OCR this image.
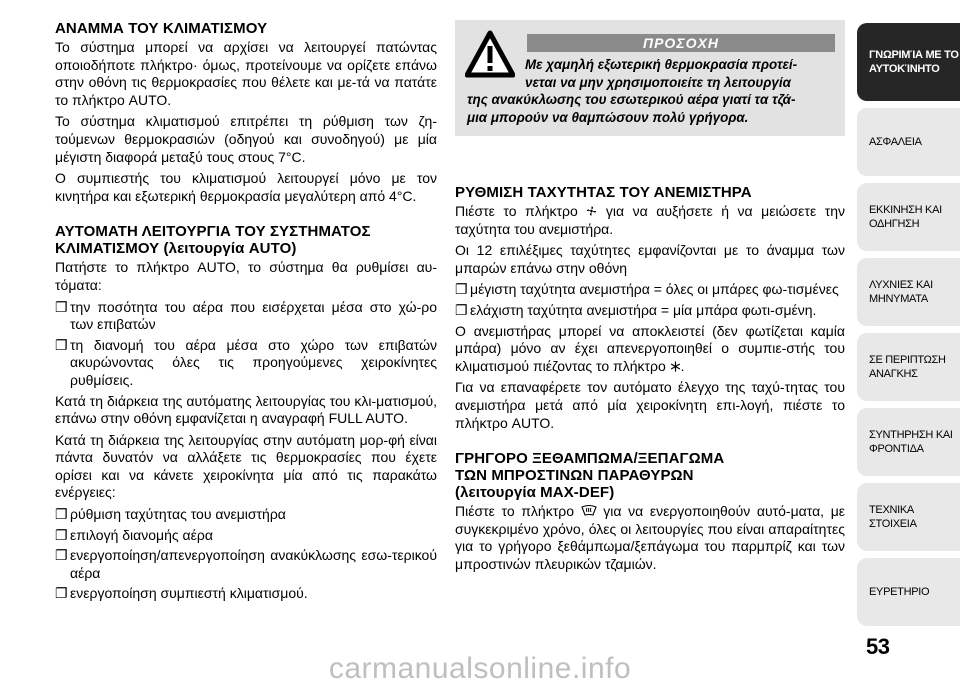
ΑΝΑΜΜΑ ΤΟΥ ΚΛΙΜΑΤΙΣΜΟΥ
Το σύστημα μπορεί να αρχίσει να λειτουργεί πατώντας οποιοδήποτε πλήκτρο· όμως, προτείνουμε να ορίζετε επάνω στην οθόνη τις θερμοκρασίες που θέλετε και με-τά να πατάτε το πλήκτρο AUTO.
Το σύστημα κλιματισμού επιτρέπει τη ρύθμιση των ζη-τούμενων θερμοκρασιών (οδηγού και συνοδηγού) με μία μέγιστη διαφορά μεταξύ τους στους 7°C.
Ο συμπιεστής του κλιματισμού λειτουργεί μόνο με τον κινητήρα και εξωτερική θερμοκρασία μεγαλύτερη από 4°C.
ΑΥΤΟΜΑΤΗ ΛΕΙΤΟΥΡΓΙΑ ΤΟΥ ΣΥΣΤΗΜΑΤΟΣ
ΚΛΙΜΑΤΙΣΜΟΥ (λειτουργία AUTO)
Πατήστε το πλήκτρο AUTO, το σύστημα θα ρυθμίσει αυ-τόματα:
❐ την ποσότητα του αέρα που εισέρχεται μέσα στο χώ-ρο των επιβατών
❐ τη διανομή του αέρα μέσα στο χώρο των επιβατών ακυρώνοντας όλες τις προηγούμενες χειροκίνητες ρυθμίσεις.
Κατά τη διάρκεια της αυτόματης λειτουργίας του κλι-ματισμού, επάνω στην οθόνη εμφανίζεται η αναγραφή FULL AUTO.
Κατά τη διάρκεια της λειτουργίας στην αυτόματη μορ-φή είναι πάντα δυνατόν να αλλάξετε τις θερμοκρασίες που έχετε ορίσει και να κάνετε χειροκίνητα μία από τις παρακάτω ενέργειες:
❐ ρύθμιση ταχύτητας του ανεμιστήρα
❐ επιλογή διανομής αέρα
❐ ενεργοποίηση/απενεργοποίηση ανακύκλωσης εσω-τερικού αέρα
❐ ενεργοποίηση συμπιεστή κλιματισμού.
ΠΡΟΣΟΧΗ
Με χαμηλή εξωτερική θερμοκρασία προτεί-
νεται να μην χρησιμοποιείτε τη λειτουργία
της ανακύκλωσης του εσωτερικού αέρα γιατί τα τζά-
μια μπορούν να θαμπώσουν πολύ γρήγορα.
ΡΥΘΜΙΣΗ ΤΑΧΥΤΗΤΑΣ ΤΟΥ ΑΝΕΜΙΣΤΗΡΑ
Πιέστε το πλήκτρο για να αυξήσετε ή να μειώσετε την ταχύτητα του ανεμιστήρα.
Οι 12 επιλέξιμες ταχύτητες εμφανίζονται με το άναμμα των μπαρών επάνω στην οθόνη
❐ μέγιστη ταχύτητα ανεμιστήρα = όλες οι μπάρες φω-τισμένες
❐ ελάχιστη ταχύτητα ανεμιστήρα = μία μπάρα φωτι-σμένη.
Ο ανεμιστήρας μπορεί να αποκλειστεί (δεν φωτίζεται καμία μπάρα) μόνο αν έχει απενεργοποιηθεί ο συμπιε-στής του κλιματισμού πιέζοντας το πλήκτρο .
Για να επαναφέρετε τον αυτόματο έλεγχο της ταχύ-τητας του ανεμιστήρα μετά από μία χειροκίνητη επι-λογή, πιέστε το πλήκτρο AUTO.
ΓΡΗΓΟΡΟ ΞΕΘΑΜΠΩΜΑ/ΞΕΠΑΓΩΜΑ
ΤΩΝ ΜΠΡΟΣΤΙΝΩΝ ΠΑΡΑΘΥΡΩΝ
(λειτουργία MAX-DEF)
Πιέστε το πλήκτρο για να ενεργοποιηθούν αυτό-ματα, με συγκεκριμένο χρόνο, όλες οι λειτουργίες που είναι απαραίτητες για το γρήγορο ξεθάμπωμα/ξεπάγωμα του παρμπρίζ και των μπροστινών πλευρικών τζαμιών.
ΓΝΩΡΙΜΊΑ ΜΕ ΤΟ
ΑΥΤΟΚΊΝΗΤΟ
ΑΣΦΑΛΕΙΑ

ΕΚΚΙΝΗΣΗ ΚΑΙ
ΟΔΗΓΗΣΗ
ΛΥΧΝΙΕΣ ΚΑΙ
ΜΗΝΥΜΑΤΑ
ΣΕ ΠΕΡΙΠΤΩΣΗ
ΑΝΑΓΚΗΣ
ΣΥΝΤΗΡΗΣΗ ΚΑΙ
ΦΡΟΝΤΙΔΑ
ΤΕΧΝΙΚΑ ΣΤΟΙΧΕΙΑ

ΕΥΡΕΤΗΡΙΟ

53
carmanualsonline.info
